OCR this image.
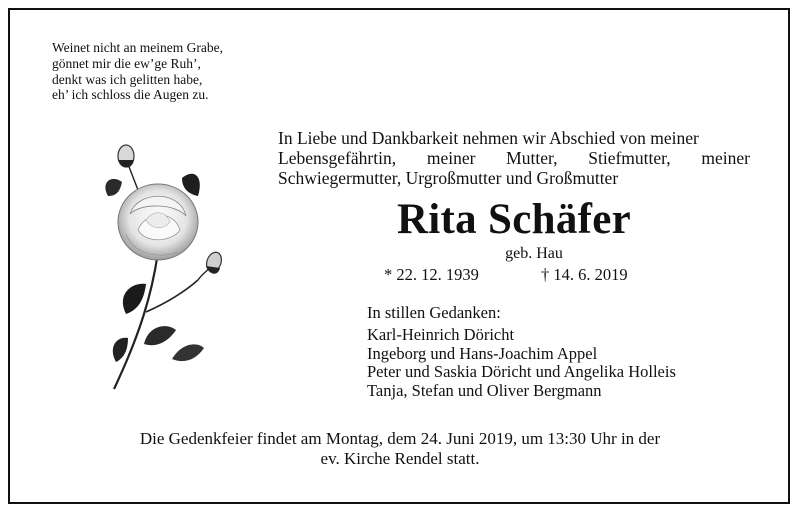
Weinet nicht an meinem Grabe,
gönnet mir die ew’ge Ruh’,
denkt was ich gelitten habe,
eh’ ich schloss die Augen zu.
In Liebe und Dankbarkeit nehmen wir Abschied von meiner
Lebensgefährtin, meiner Mutter, Stiefmutter, meiner
Schwiegermutter, Urgroßmutter und Großmutter
Rita Schäfer
geb. Hau
* 22. 12. 1939	† 14. 6. 2019
In stillen Gedanken:
Karl-Heinrich Döricht
Ingeborg und Hans-Joachim Appel
Peter und Saskia Döricht und Angelika Holleis
Tanja, Stefan und Oliver Bergmann
Die Gedenkfeier findet am Montag, dem 24. Juni 2019, um 13:30 Uhr in der
ev. Kirche Rendel statt.
